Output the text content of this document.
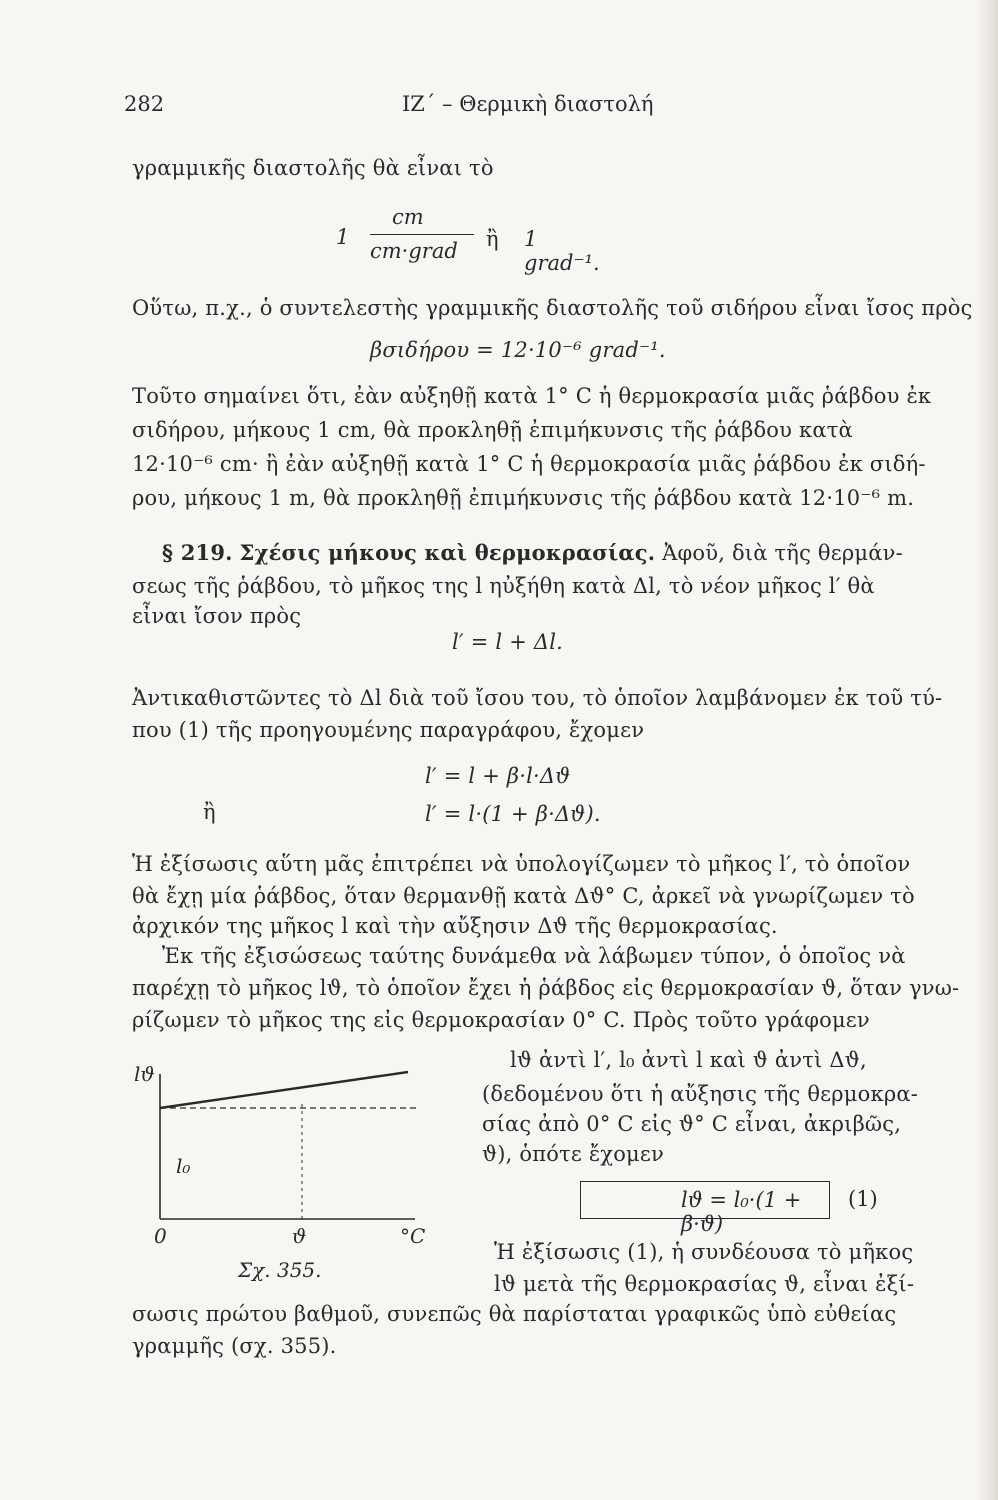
282	ΙΖ΄ – Θερμικὴ διαστολή
γραμμικῆς διαστολῆς θὰ εἶναι τὸ
1
cm
cm·grad ἢ 1 grad⁻¹.
Οὕτω, π.χ., ὁ συντελεστὴς γραμμικῆς διαστολῆς τοῦ σιδήρου εἶναι ἴσος πρὸς
βσιδήρου = 12·10⁻⁶ grad⁻¹.
Τοῦτο σημαίνει ὅτι, ἐὰν αὐξηθῇ κατὰ 1° C ἡ θερμοκρασία μιᾶς ῥάβδου ἐκ
σιδήρου, μήκους 1 cm, θὰ προκληθῇ ἐπιμήκυνσις τῆς ῥάβδου κατὰ
12·10⁻⁶ cm· ἢ ἐὰν αὐξηθῇ κατὰ 1° C ἡ θερμοκρασία μιᾶς ῥάβδου ἐκ σιδή-
ρου, μήκους 1 m, θὰ προκληθῇ ἐπιμήκυνσις τῆς ῥάβδου κατὰ 12·10⁻⁶ m.
§ 219. Σχέσις μήκους καὶ θερμοκρασίας. Ἀφοῦ, διὰ τῆς θερμάν-
σεως τῆς ῥάβδου, τὸ μῆκος της l ηὐξήθη κατὰ Δl, τὸ νέον μῆκος l′ θὰ
εἶναι ἴσον πρὸς
l′ = l + Δl.
Ἀντικαθιστῶντες τὸ Δl διὰ τοῦ ἴσου του, τὸ ὁποῖον λαμβάνομεν ἐκ τοῦ τύ-
που (1) τῆς προηγουμένης παραγράφου, ἔχομεν
l′ = l + β·l·Δϑ
ἢ	l′ = l·(1 + β·Δϑ).
Ἡ ἐξίσωσις αὕτη μᾶς ἐπιτρέπει νὰ ὑπολογίζωμεν τὸ μῆκος l′, τὸ ὁποῖον
θὰ ἔχῃ μία ῥάβδος, ὅταν θερμανθῇ κατὰ Δϑ° C, ἀρκεῖ νὰ γνωρίζωμεν τὸ
ἀρχικόν της μῆκος l καὶ τὴν αὔξησιν Δϑ τῆς θερμοκρασίας.
Ἐκ τῆς ἐξισώσεως ταύτης δυνάμεθα νὰ λάβωμεν τύπον, ὁ ὁποῖος νὰ
παρέχῃ τὸ μῆκος lϑ, τὸ ὁποῖον ἔχει ἡ ῥάβδος εἰς θερμοκρασίαν ϑ, ὅταν γνω-
ρίζωμεν τὸ μῆκος της εἰς θερμοκρασίαν 0° C. Πρὸς τοῦτο γράφομεν
lϑ ἀντὶ l′, l₀ ἀντὶ l καὶ ϑ ἀντὶ Δϑ,
(δεδομένου ὅτι ἡ αὔξησις τῆς θερμοκρα-
σίας ἀπὸ 0° C εἰς ϑ° C εἶναι, ἀκριβῶς,
ϑ), ὁπότε ἔχομεν
lϑ = l₀·(1 + β·ϑ)
(1)
Ἡ ἐξίσωσις (1), ἡ συνδέουσα τὸ μῆκος
lϑ μετὰ τῆς θερμοκρασίας ϑ, εἶναι ἐξί-
σωσις πρώτου βαθμοῦ, συνεπῶς θὰ παρίσταται γραφικῶς ὑπὸ εὐθείας
γραμμῆς (σχ. 355).
lϑ
l₀
0	ϑ	°C
Σχ. 355.
